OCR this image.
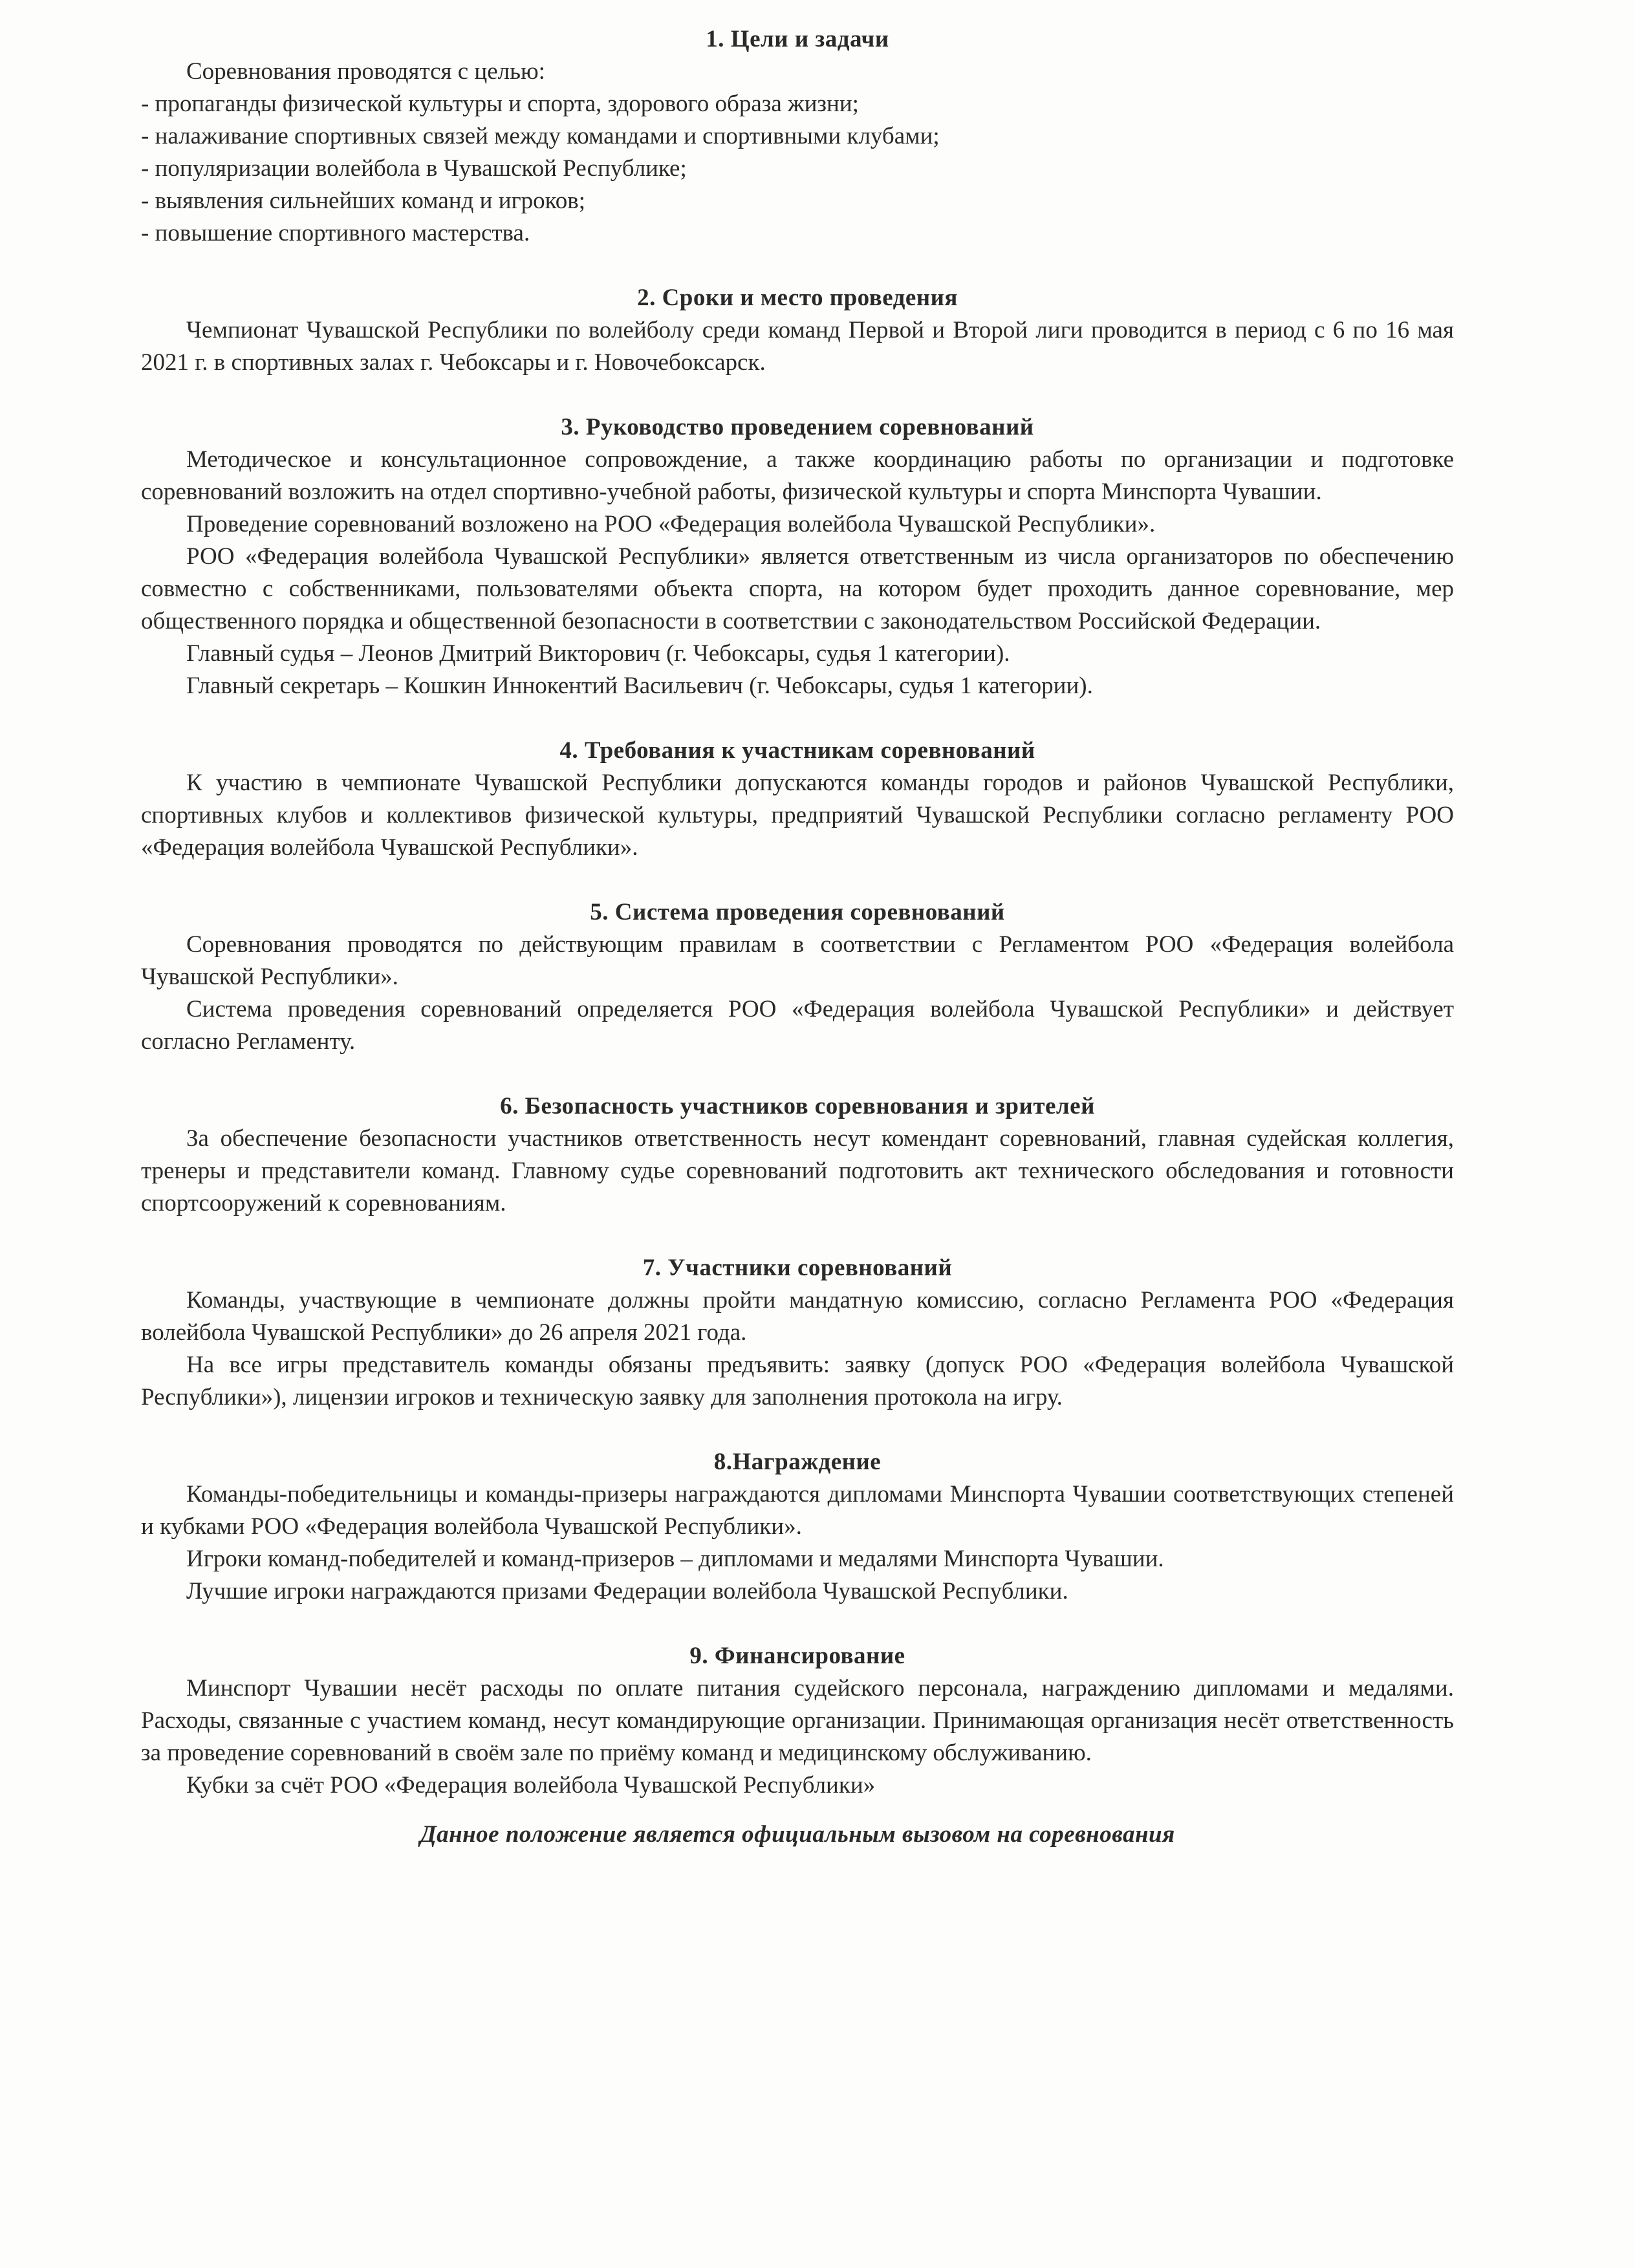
1. Цели и задачи

Соревнования проводятся с целью:

- пропаганды физической культуры и спорта, здорового образа жизни;
- налаживание спортивных связей между командами и спортивными клубами;
- популяризации волейбола в Чувашской Республике;
- выявления сильнейших команд и игроков;
- повышение спортивного мастерства.
2. Сроки и место проведения

Чемпионат Чувашской Республики по волейболу среди команд Первой и Второй лиги проводится в период с 6 по 16 мая 2021 г. в спортивных залах г. Чебоксары и г. Новочебоксарск.

3. Руководство проведением соревнований

Методическое и консультационное сопровождение, а также координацию работы по организации и подготовке соревнований возложить на отдел спортивно-учебной работы, физической культуры и спорта Минспорта Чувашии.

Проведение соревнований возложено на РОО «Федерация волейбола Чувашской Республики».

РОО «Федерация волейбола Чувашской Республики» является ответственным из числа организаторов по обеспечению совместно с собственниками, пользователями объекта спорта, на котором будет проходить данное соревнование, мер общественного порядка и общественной безопасности в соответствии с законодательством Российской Федерации.

Главный судья – Леонов Дмитрий Викторович (г. Чебоксары, судья 1 категории).

Главный секретарь – Кошкин Иннокентий Васильевич (г. Чебоксары, судья 1 категории).

4. Требования к участникам соревнований

К участию в чемпионате Чувашской Республики допускаются команды городов и районов Чувашской Республики, спортивных клубов и коллективов физической культуры, предприятий Чувашской Республики согласно регламенту РОО «Федерация волейбола Чувашской Республики».

5. Система проведения соревнований

Соревнования проводятся по действующим правилам в соответствии с Регламентом РОО «Федерация волейбола Чувашской Республики».

Система проведения соревнований определяется РОО «Федерация волейбола Чувашской Республики» и действует согласно Регламенту.

6. Безопасность участников соревнования и зрителей

За обеспечение безопасности участников ответственность несут комендант соревнований, главная судейская коллегия, тренеры и представители команд. Главному судье соревнований подготовить акт технического обследования и готовности спортсооружений к соревнованиям.

7. Участники соревнований

Команды, участвующие в чемпионате должны пройти мандатную комиссию, согласно Регламента РОО «Федерация волейбола Чувашской Республики» до 26 апреля 2021 года.

На все игры представитель команды обязаны предъявить: заявку (допуск РОО «Федерация волейбола Чувашской Республики»), лицензии игроков и техническую заявку для заполнения протокола на игру.

8.Награждение

Команды-победительницы и команды-призеры награждаются дипломами Минспорта Чувашии соответствующих степеней и кубками РОО «Федерация волейбола Чувашской Республики».

Игроки команд-победителей и команд-призеров – дипломами и медалями Минспорта Чувашии.

Лучшие игроки награждаются призами Федерации волейбола Чувашской Республики.

9. Финансирование

Минспорт Чувашии несёт расходы по оплате питания судейского персонала, награждению дипломами и медалями. Расходы, связанные с участием команд, несут командирующие организации. Принимающая организация несёт ответственность за проведение соревнований в своём зале по приёму команд и медицинскому обслуживанию.

Кубки за счёт РОО «Федерация волейбола Чувашской Республики»

Данное положение является официальным вызовом на соревнования
